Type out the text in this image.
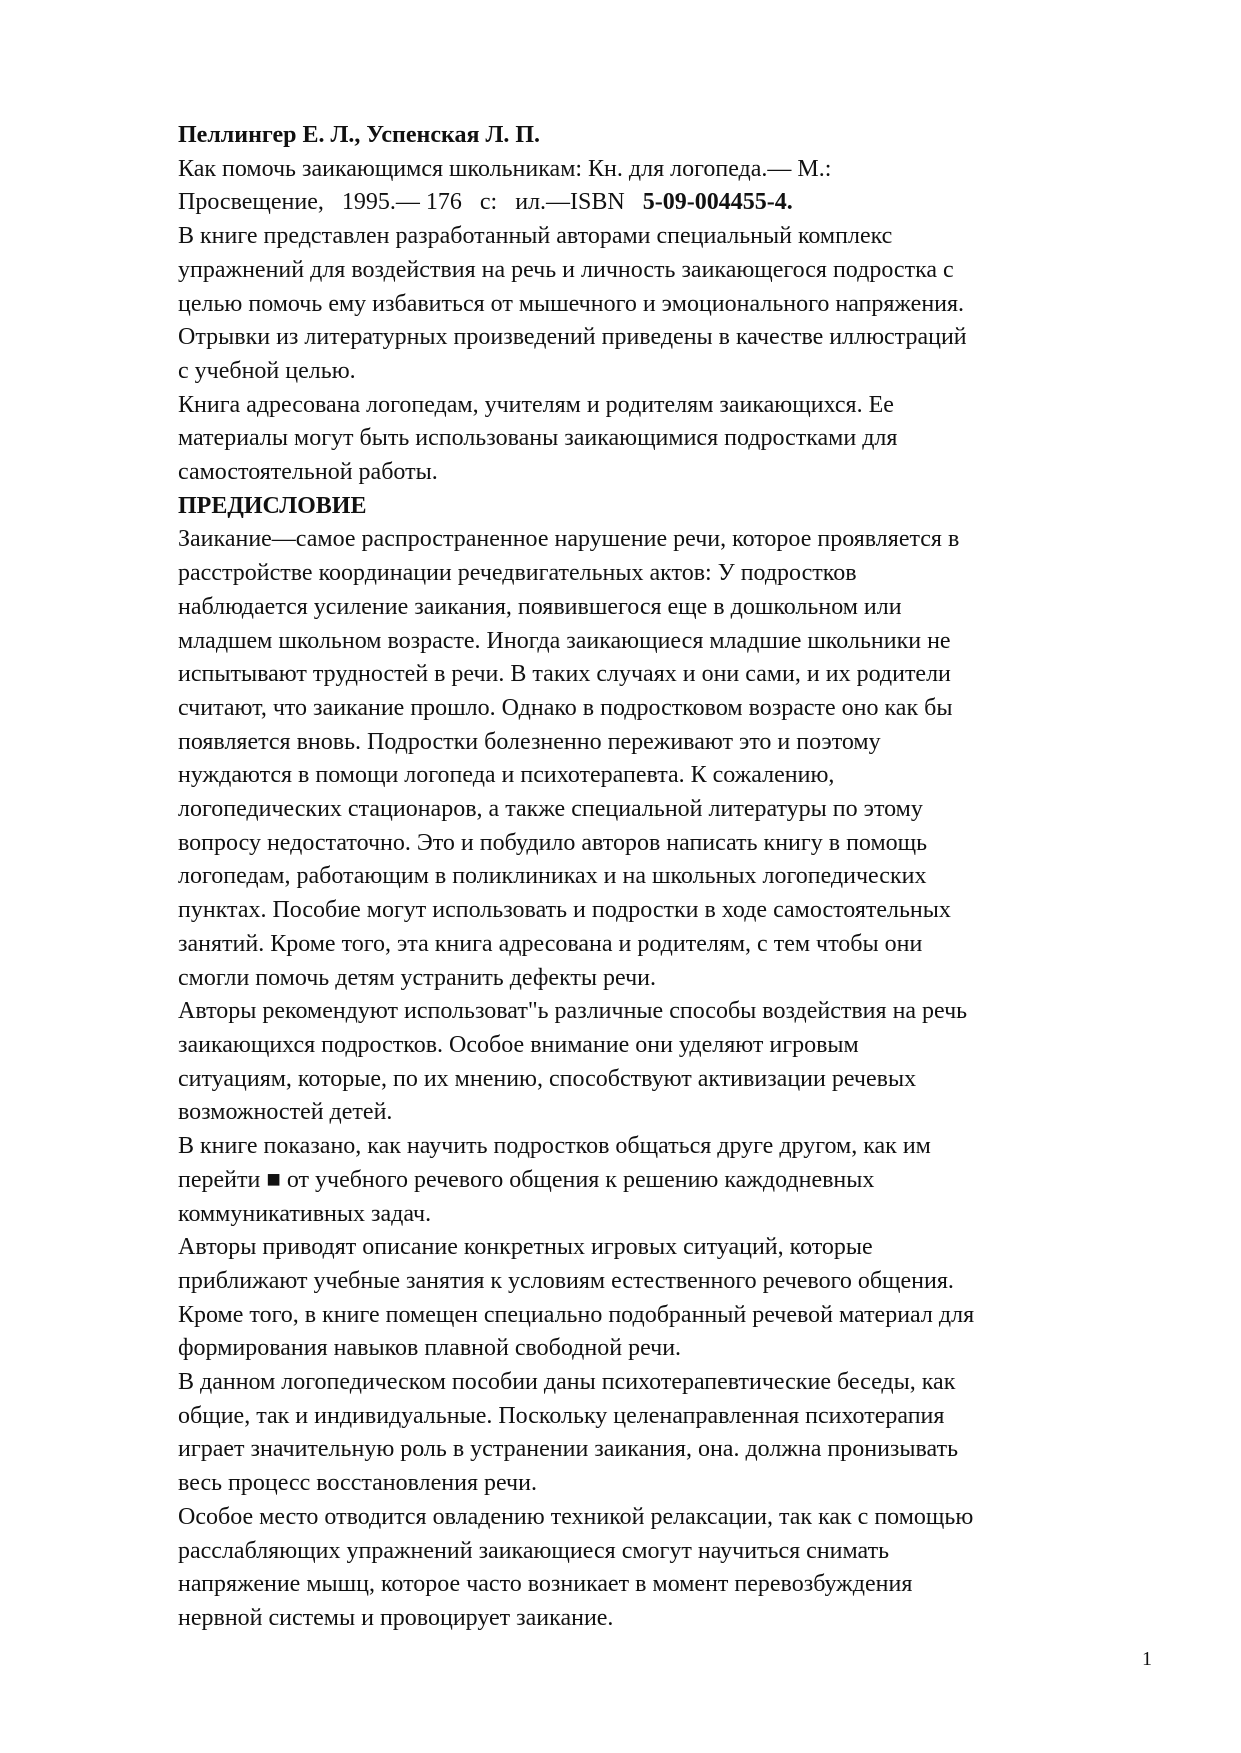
Пеллингер Е. Л., Успенская Л. П.
Как помочь заикающимся школьникам: Кн. для логопеда.— М.:
Просвещение,   1995.— 176   с:   ил.—ISBN   5-09-004455-4.
В книге представлен разработанный авторами специальный комплекс
упражнений для воздействия на речь и личность заикающегося подростка с
целью помочь ему избавиться от мышечного и эмоционального напряжения.
Отрывки из литературных произведений приведены в качестве иллюстраций
с учебной целью.
Книга адресована логопедам, учителям и родителям заикающихся. Ее
материалы могут быть использованы заикающимися подростками для
самостоятельной работы.
ПРЕДИСЛОВИЕ
Заикание—самое распространенное нарушение речи, которое проявляется в
расстройстве координации речедвигательных актов: У подростков
наблюдается усиление заикания, появившегося еще в дошкольном или
младшем школьном возрасте. Иногда заикающиеся младшие школьники не
испытывают трудностей в речи. В таких случаях и они сами, и их родители
считают, что заикание прошло. Однако в подростковом возрасте оно как бы
появляется вновь. Подростки болезненно переживают это и поэтому
нуждаются в помощи логопеда и психотерапевта. К сожалению,
логопедических стационаров, а также специальной литературы по этому
вопросу недостаточно. Это и побудило авторов написать книгу в помощь
логопедам, работающим в поликлиниках и на школьных логопедических
пунктах. Пособие могут использовать и подростки в ходе самостоятельных
занятий. Кроме того, эта книга адресована и родителям, с тем чтобы они
смогли помочь детям устранить дефекты речи.
Авторы рекомендуют использоват"ь различные способы воздействия на речь
заикающихся подростков. Особое внимание они уделяют игровым
ситуациям, которые, по их мнению, способствуют активизации речевых
возможностей детей.
В книге показано, как научить подростков общаться друге другом, как им
перейти ■ от учебного речевого общения к решению каждодневных
коммуникативных задач.
Авторы приводят описание конкретных игровых ситуаций, которые
приближают учебные занятия к условиям естественного речевого общения.
Кроме того, в книге помещен специально подобранный речевой материал для
формирования навыков плавной свободной речи.
В данном логопедическом пособии даны психотерапевтические беседы, как
общие, так и индивидуальные. Поскольку целенаправленная психотерапия
играет значительную роль в устранении заикания, она. должна пронизывать
весь процесс восстановления речи.
Особое место отводится овладению техникой релаксации, так как с помощью
расслабляющих упражнений заикающиеся смогут научиться снимать
напряжение мышц, которое часто возникает в момент перевозбуждения
нервной системы и провоцирует заикание.
1
